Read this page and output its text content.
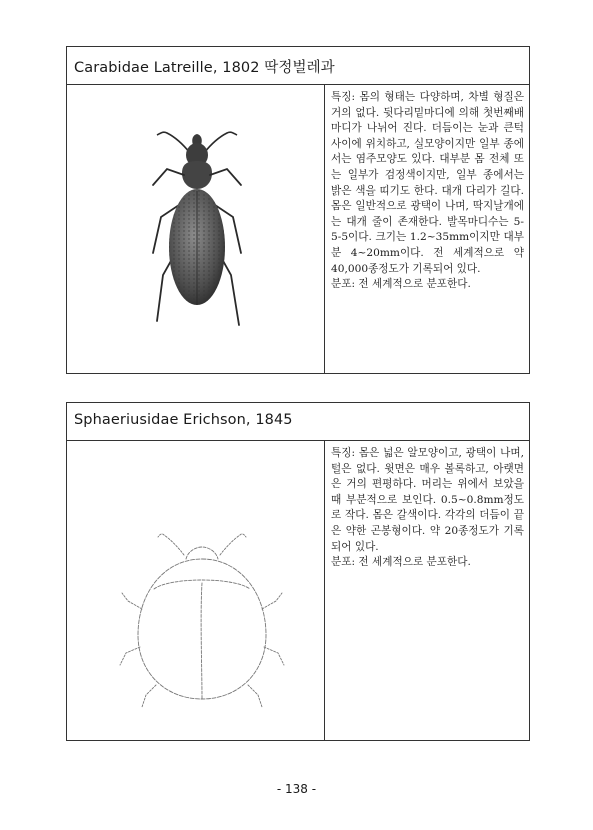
Carabidae Latreille, 1802 딱정벌레과

특징: 몸의 형태는 다양하며, 차별 형질은 거의 없다. 뒷다리밑마디에 의해 첫번째배마디가 나뉘어 진다. 더듬이는 눈과 큰턱 사이에 위치하고, 실모양이지만 일부 종에서는 염주모양도 있다. 대부분 몸 전체 또는 일부가 검정색이지만, 일부 종에서는 밝은 색을 띠기도 한다. 대개 다리가 길다. 몸은 일반적으로 광택이 나며, 딱지날개에는 대개 줄이 존재한다. 발목마디수는 5-5-5이다. 크기는 1.2~35mm이지만 대부분 4~20mm이다. 전 세계적으로 약 40,000종정도가 기록되어 있다.

분포: 전 세계적으로 분포한다.

Sphaeriusidae Erichson, 1845

특징: 몸은 넓은 알모양이고, 광택이 나며, 털은 없다. 윗면은 매우 볼록하고, 아랫면은 거의 편평하다. 머리는 위에서 보았을 때 부분적으로 보인다. 0.5~0.8mm정도로 작다. 몸은 갈색이다. 각각의 더듬이 끝은 약한 곤봉형이다. 약 20종정도가 기록되어 있다.

분포: 전 세계적으로 분포한다.

- 138 -
